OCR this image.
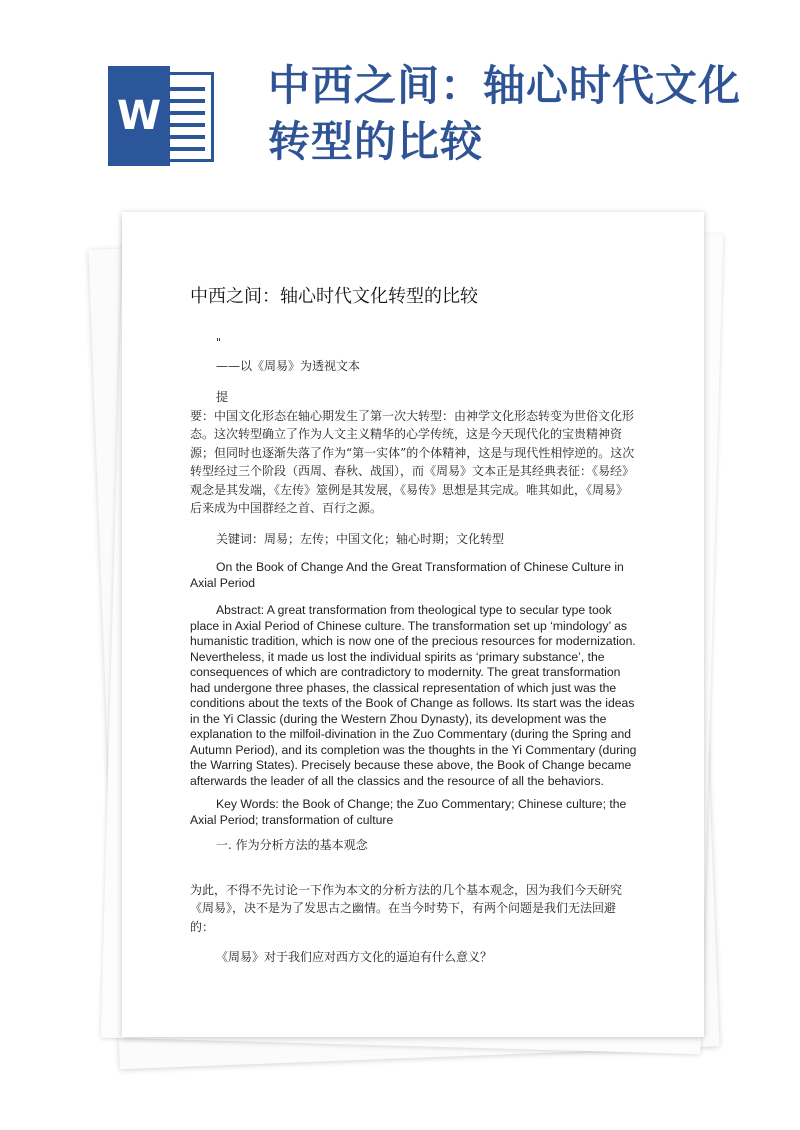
W
中西之间：轴心时代文化转型的比较

中西之间：轴心时代文化转型的比较

"

——以《周易》为透视文本

提

要：中国文化形态在轴心期发生了第一次大转型：由神学文化形态转变为世俗文化形态。这次转型确立了作为人文主义精华的心学传统，这是今天现代化的宝贵精神资源；但同时也逐渐失落了作为“第一实体”的个体精神，这是与现代性相悖逆的。这次转型经过三个阶段（西周、春秋、战国），而《周易》文本正是其经典表征：《易经》观念是其发端，《左传》筮例是其发展，《易传》思想是其完成。唯其如此，《周易》后来成为中国群经之首、百行之源。

关键词：周易；左传；中国文化；轴心时期；文化转型

On the Book of Change And the Great Transformation of Chinese Culture in Axial Period

Abstract: A great transformation from theological type to secular type took place in Axial Period of Chinese culture. The transformation set up ‘mindology’ as humanistic tradition, which is now one of the precious resources for modernization. Nevertheless, it made us lost the individual spirits as ‘primary substance’, the consequences of which are contradictory to modernity. The great transformation had undergone three phases, the classical representation of which just was the conditions about the texts of the Book of Change as follows. Its start was the ideas in the Yi Classic (during the Western Zhou Dynasty), its development was the explanation to the milfoil-divination in the Zuo Commentary (during the Spring and Autumn Period), and its completion was the thoughts in the Yi Commentary (during the Warring States). Precisely because these above, the Book of Change became afterwards the leader of all the classics and the resource of all the behaviors.

Key Words: the Book of Change; the Zuo Commentary; Chinese culture; the Axial Period; transformation of culture

一. 作为分析方法的基本观念

为此，不得不先讨论一下作为本文的分析方法的几个基本观念，因为我们今天研究《周易》，决不是为了发思古之幽情。在当今时势下，有两个问题是我们无法回避的：

《周易》对于我们应对西方文化的逼迫有什么意义？
